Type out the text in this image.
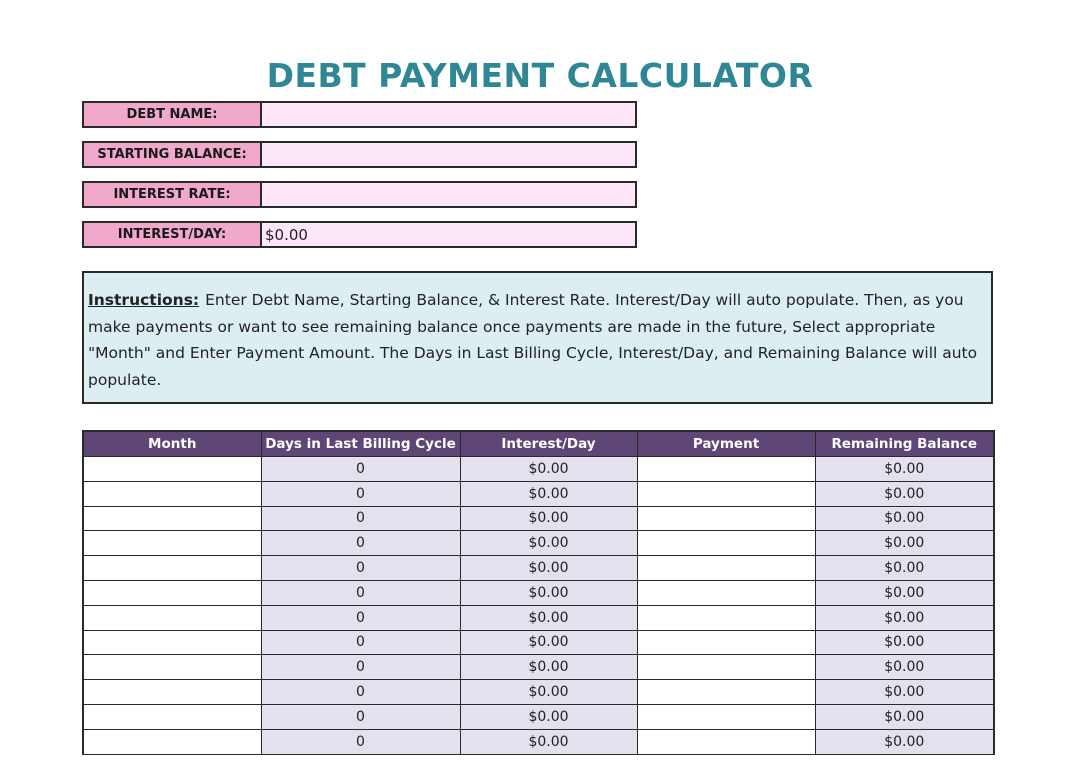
DEBT PAYMENT CALCULATOR
DEBT NAME:
STARTING BALANCE:
INTEREST RATE:
INTEREST/DAY:	$0.00
Instructions: Enter Debt Name, Starting Balance, & Interest Rate. Interest/Day will auto populate. Then, as you make payments or want to see remaining balance once payments are made in the future, Select appropriate "Month" and Enter Payment Amount. The Days in Last Billing Cycle, Interest/Day, and Remaining Balance will auto populate.
Month	Days in Last Billing Cycle	Interest/Day	Payment	Remaining Balance
	0	$0.00		$0.00
	0	$0.00		$0.00
	0	$0.00		$0.00
	0	$0.00		$0.00
	0	$0.00		$0.00
	0	$0.00		$0.00
	0	$0.00		$0.00
	0	$0.00		$0.00
	0	$0.00		$0.00
	0	$0.00		$0.00
	0	$0.00		$0.00
	0	$0.00		$0.00
